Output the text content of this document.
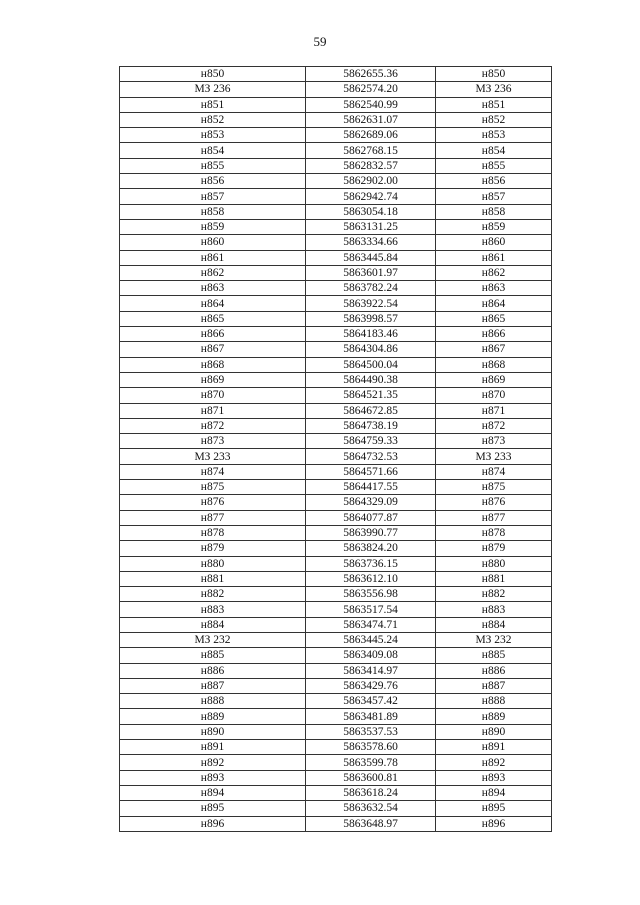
59
н850	5862655.36	н850
МЗ 236	5862574.20	МЗ 236
н851	5862540.99	н851
н852	5862631.07	н852
н853	5862689.06	н853
н854	5862768.15	н854
н855	5862832.57	н855
н856	5862902.00	н856
н857	5862942.74	н857
н858	5863054.18	н858
н859	5863131.25	н859
н860	5863334.66	н860
н861	5863445.84	н861
н862	5863601.97	н862
н863	5863782.24	н863
н864	5863922.54	н864
н865	5863998.57	н865
н866	5864183.46	н866
н867	5864304.86	н867
н868	5864500.04	н868
н869	5864490.38	н869
н870	5864521.35	н870
н871	5864672.85	н871
н872	5864738.19	н872
н873	5864759.33	н873
МЗ 233	5864732.53	МЗ 233
н874	5864571.66	н874
н875	5864417.55	н875
н876	5864329.09	н876
н877	5864077.87	н877
н878	5863990.77	н878
н879	5863824.20	н879
н880	5863736.15	н880
н881	5863612.10	н881
н882	5863556.98	н882
н883	5863517.54	н883
н884	5863474.71	н884
МЗ 232	5863445.24	МЗ 232
н885	5863409.08	н885
н886	5863414.97	н886
н887	5863429.76	н887
н888	5863457.42	н888
н889	5863481.89	н889
н890	5863537.53	н890
н891	5863578.60	н891
н892	5863599.78	н892
н893	5863600.81	н893
н894	5863618.24	н894
н895	5863632.54	н895
н896	5863648.97	н896
